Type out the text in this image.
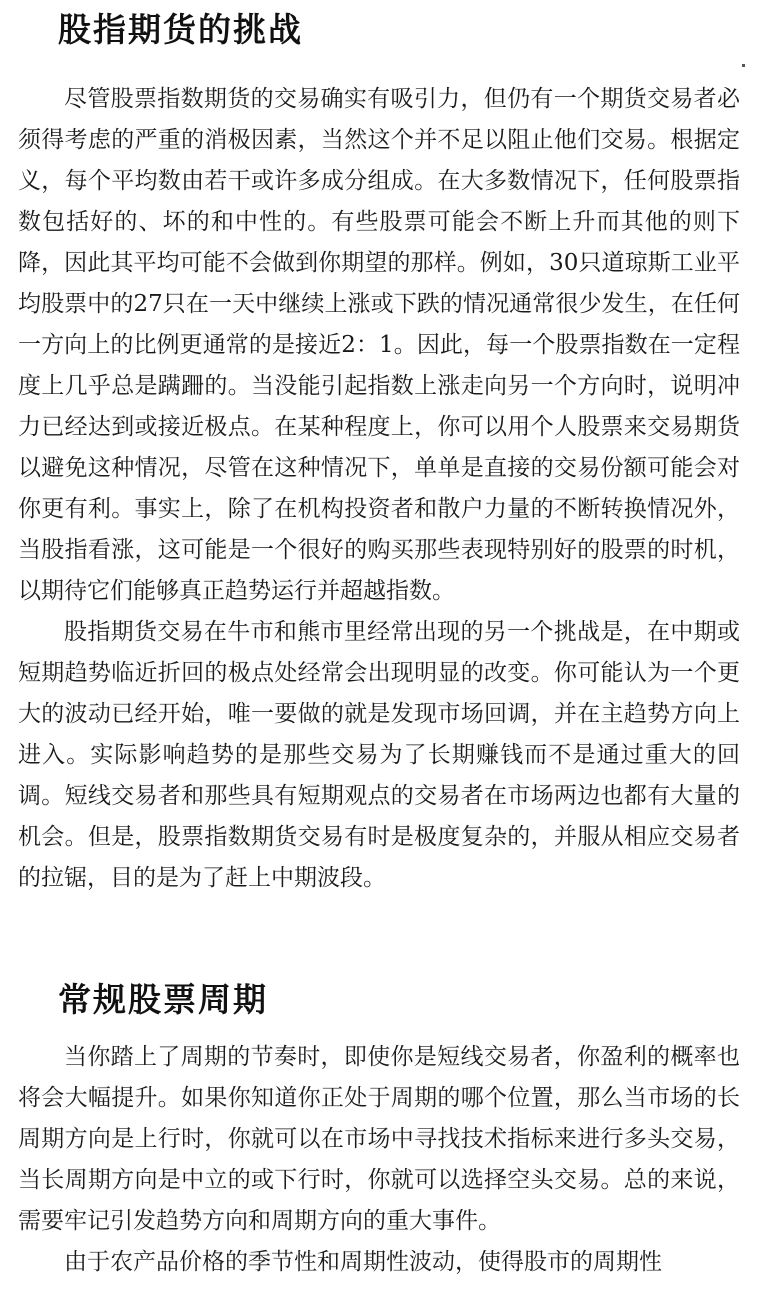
股指期货的挑战

尽管股票指数期货的交易确实有吸引力，但仍有一个期货交易者必须得考虑的严重的消极因素，当然这个并不足以阻止他们交易。根据定义，每个平均数由若干或许多成分组成。在大多数情况下，任何股票指数包括好的、坏的和中性的。有些股票可能会不断上升而其他的则下降，因此其平均可能不会做到你期望的那样。例如，30只道琼斯工业平均股票中的27只在一天中继续上涨或下跌的情况通常很少发生，在任何一方向上的比例更通常的是接近2：1。因此，每一个股票指数在一定程度上几乎总是蹒跚的。当没能引起指数上涨走向另一个方向时，说明冲力已经达到或接近极点。在某种程度上，你可以用个人股票来交易期货以避免这种情况，尽管在这种情况下，单单是直接的交易份额可能会对你更有利。事实上，除了在机构投资者和散户力量的不断转换情况外，当股指看涨，这可能是一个很好的购买那些表现特别好的股票的时机，以期待它们能够真正趋势运行并超越指数。

股指期货交易在牛市和熊市里经常出现的另一个挑战是，在中期或短期趋势临近折回的极点处经常会出现明显的改变。你可能认为一个更大的波动已经开始，唯一要做的就是发现市场回调，并在主趋势方向上进入。实际影响趋势的是那些交易为了长期赚钱而不是通过重大的回调。短线交易者和那些具有短期观点的交易者在市场两边也都有大量的机会。但是，股票指数期货交易有时是极度复杂的，并服从相应交易者的拉锯，目的是为了赶上中期波段。

常规股票周期

当你踏上了周期的节奏时，即使你是短线交易者，你盈利的概率也将会大幅提升。如果你知道你正处于周期的哪个位置，那么当市场的长周期方向是上行时，你就可以在市场中寻找技术指标来进行多头交易，当长周期方向是中立的或下行时，你就可以选择空头交易。总的来说，需要牢记引发趋势方向和周期方向的重大事件。

由于农产品价格的季节性和周期性波动，使得股市的周期性
